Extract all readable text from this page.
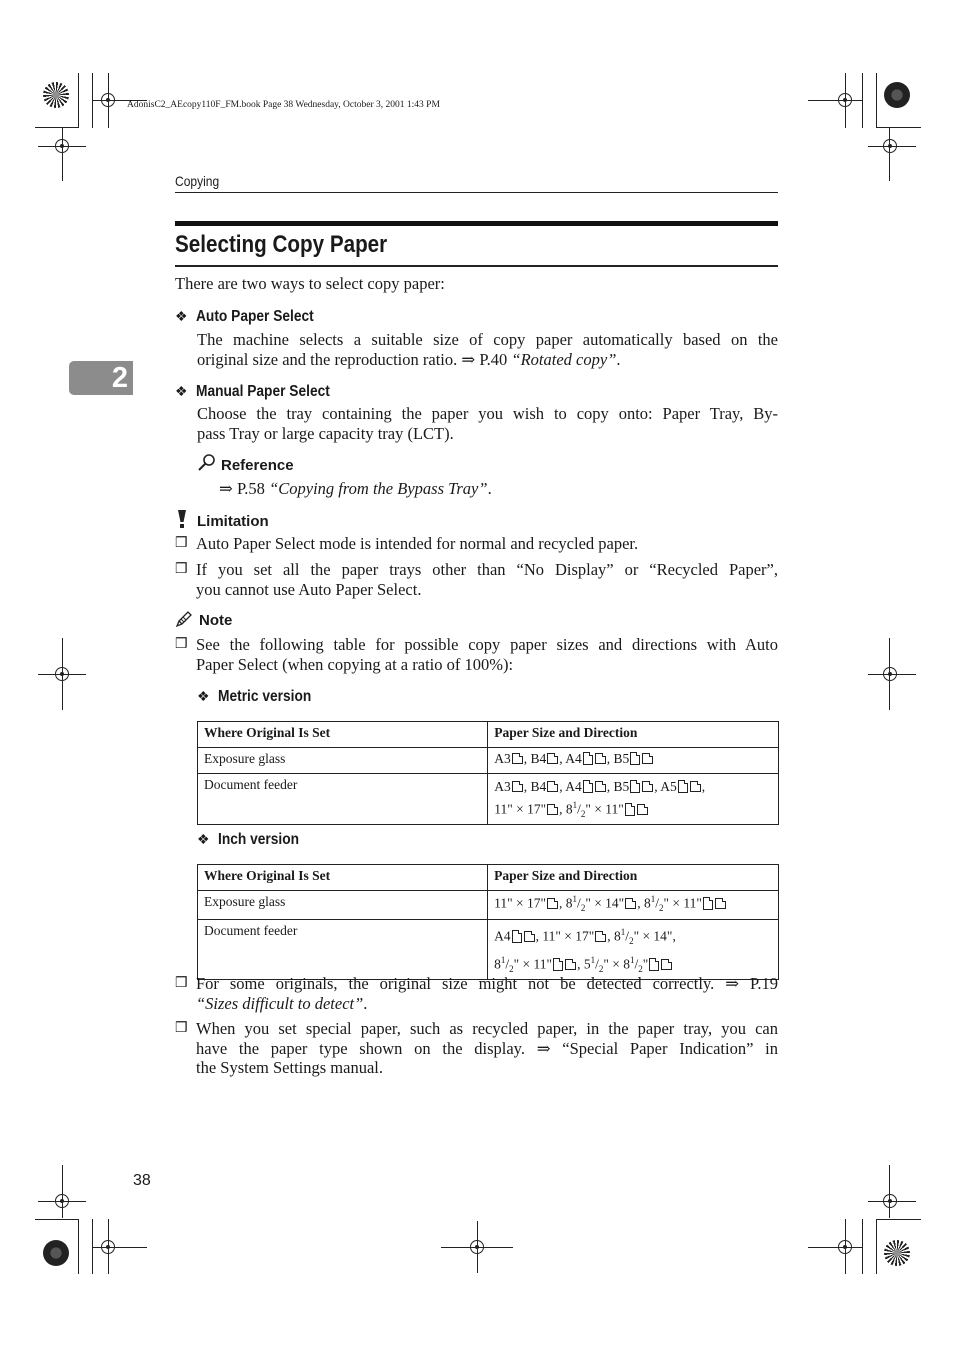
AdonisC2_AEcopy110F_FM.book Page 38 Wednesday, October 3, 2001 1:43 PM
Copying
2
Selecting Copy Paper
There are two ways to select copy paper:
❖ Auto Paper Select
The machine selects a suitable size of copy paper automatically based on the
original size and the reproduction ratio. ⇒ P.40 “Rotated copy”.
❖ Manual Paper Select
Choose the tray containing the paper you wish to copy onto: Paper Tray, By-
pass Tray or large capacity tray (LCT).
Reference
⇒ P.58 “Copying from the Bypass Tray”.
Limitation
❒ Auto Paper Select mode is intended for normal and recycled paper.
❒ If you set all the paper trays other than “No Display” or “Recycled Paper”,
you cannot use Auto Paper Select.
Note
❒ See the following table for possible copy paper sizes and directions with Auto
Paper Select (when copying at a ratio of 100%):
❖ Metric version
Where Original Is Set	Paper Size and Direction
Exposure glass	A3 , B4 , A4 , B5
Document feeder	A3 , B4 , A4 , B5 , A5 ,
11" × 17" , $8^1/_2$" × 11"
❖ Inch version
Where Original Is Set	Paper Size and Direction
Exposure glass	11" × 17" , $8^1/_2$" × 14" , $8^1/_2$" × 11"
Document feeder	A4 , 11" × 17" , $8^1/_2$" × 14",
$8^1/_2$" × 11" , $5^1/_2$" × $8^1/_2$"
❒ For some originals, the original size might not be detected correctly. ⇒ P.19
“Sizes difficult to detect”.
❒ When you set special paper, such as recycled paper, in the paper tray, you can
have the paper type shown on the display. ⇒ “Special Paper Indication” in
the System Settings manual.
38
